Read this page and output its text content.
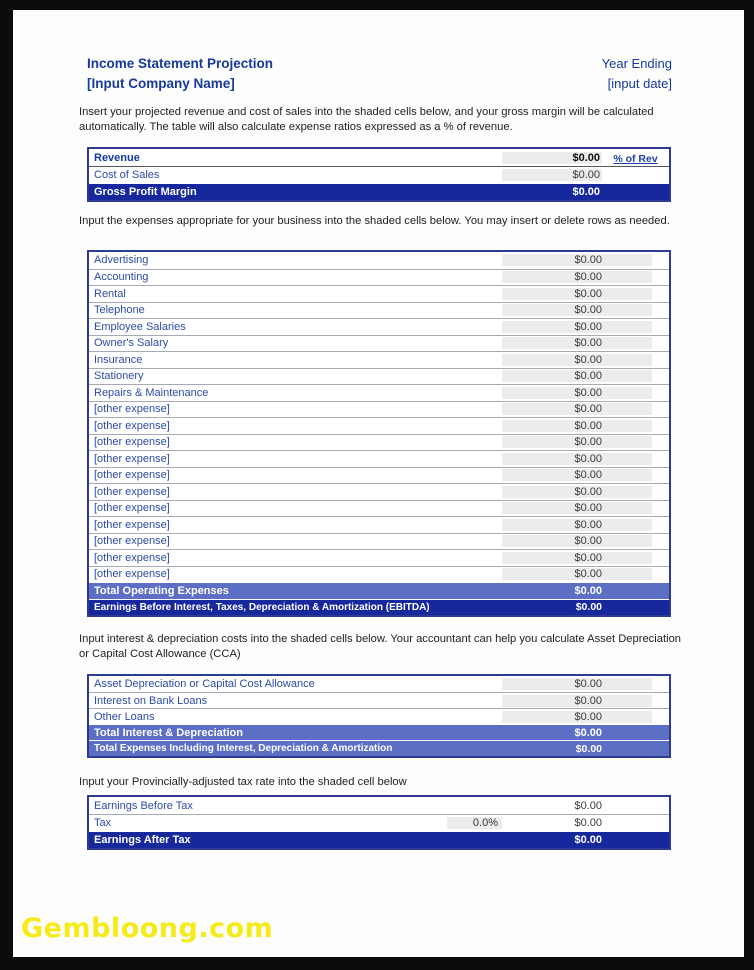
Income Statement Projection
[Input Company Name]
Year Ending
[input date]

Insert your projected revenue and cost of sales into the shaded cells below, and your gross margin will be calculated automatically. The table will also calculate expense ratios expressed as a % of revenue.

Revenue	$0.00	% of Rev
Cost of Sales	$0.00
Gross Profit Margin	$0.00

Input the expenses appropriate for your business into the shaded cells below. You may insert or delete rows as needed.

Advertising	$0.00
Accounting	$0.00
Rental	$0.00
Telephone	$0.00
Employee Salaries	$0.00
Owner's Salary	$0.00
Insurance	$0.00
Stationery	$0.00
Repairs & Maintenance	$0.00
[other expense]	$0.00
[other expense]	$0.00
[other expense]	$0.00
[other expense]	$0.00
[other expense]	$0.00
[other expense]	$0.00
[other expense]	$0.00
[other expense]	$0.00
[other expense]	$0.00
[other expense]	$0.00
[other expense]	$0.00
Total Operating Expenses	$0.00
Earnings Before Interest, Taxes, Depreciation & Amortization (EBITDA)	$0.00

Input interest & depreciation costs into the shaded cells below. Your accountant can help you calculate Asset Depreciation or Capital Cost Allowance (CCA)

Asset Depreciation or Capital Cost Allowance	$0.00
Interest on Bank Loans	$0.00
Other Loans	$0.00
Total Interest & Depreciation	$0.00
Total Expenses Including Interest, Depreciation & Amortization	$0.00

Input your Provincially-adjusted tax rate into the shaded cell below

Earnings Before Tax	$0.00
Tax	0.0%	$0.00
Earnings After Tax	$0.00
Gembloong.com
